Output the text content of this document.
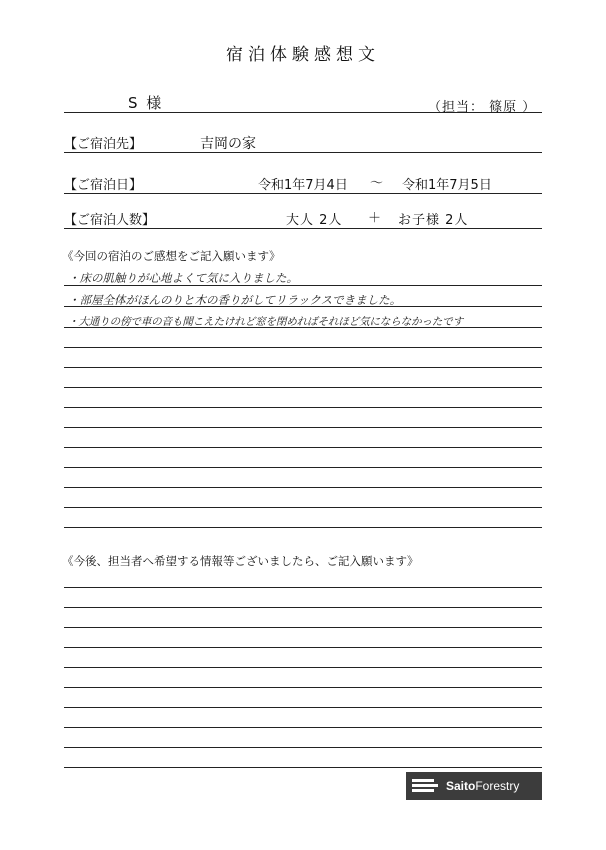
宿泊体験感想文
S 様	（担当： 篠原 ）
【ご宿泊先】	吉岡の家
【ご宿泊日】	令和1年7月4日 〜 令和1年7月5日
【ご宿泊人数】	大人 2人 ＋ お子様 2人
《今回の宿泊のご感想をご記入願います》
・床の肌触りが心地よくて気に入りました。
・部屋全体がほんのりと木の香りがしてリラックスできました。
・大通りの傍で車の音も聞こえたけれど窓を閉めればそれほど気にならなかったです
《今後、担当者へ希望する情報等ございましたら、ご記入願います》
SaitoForestry
